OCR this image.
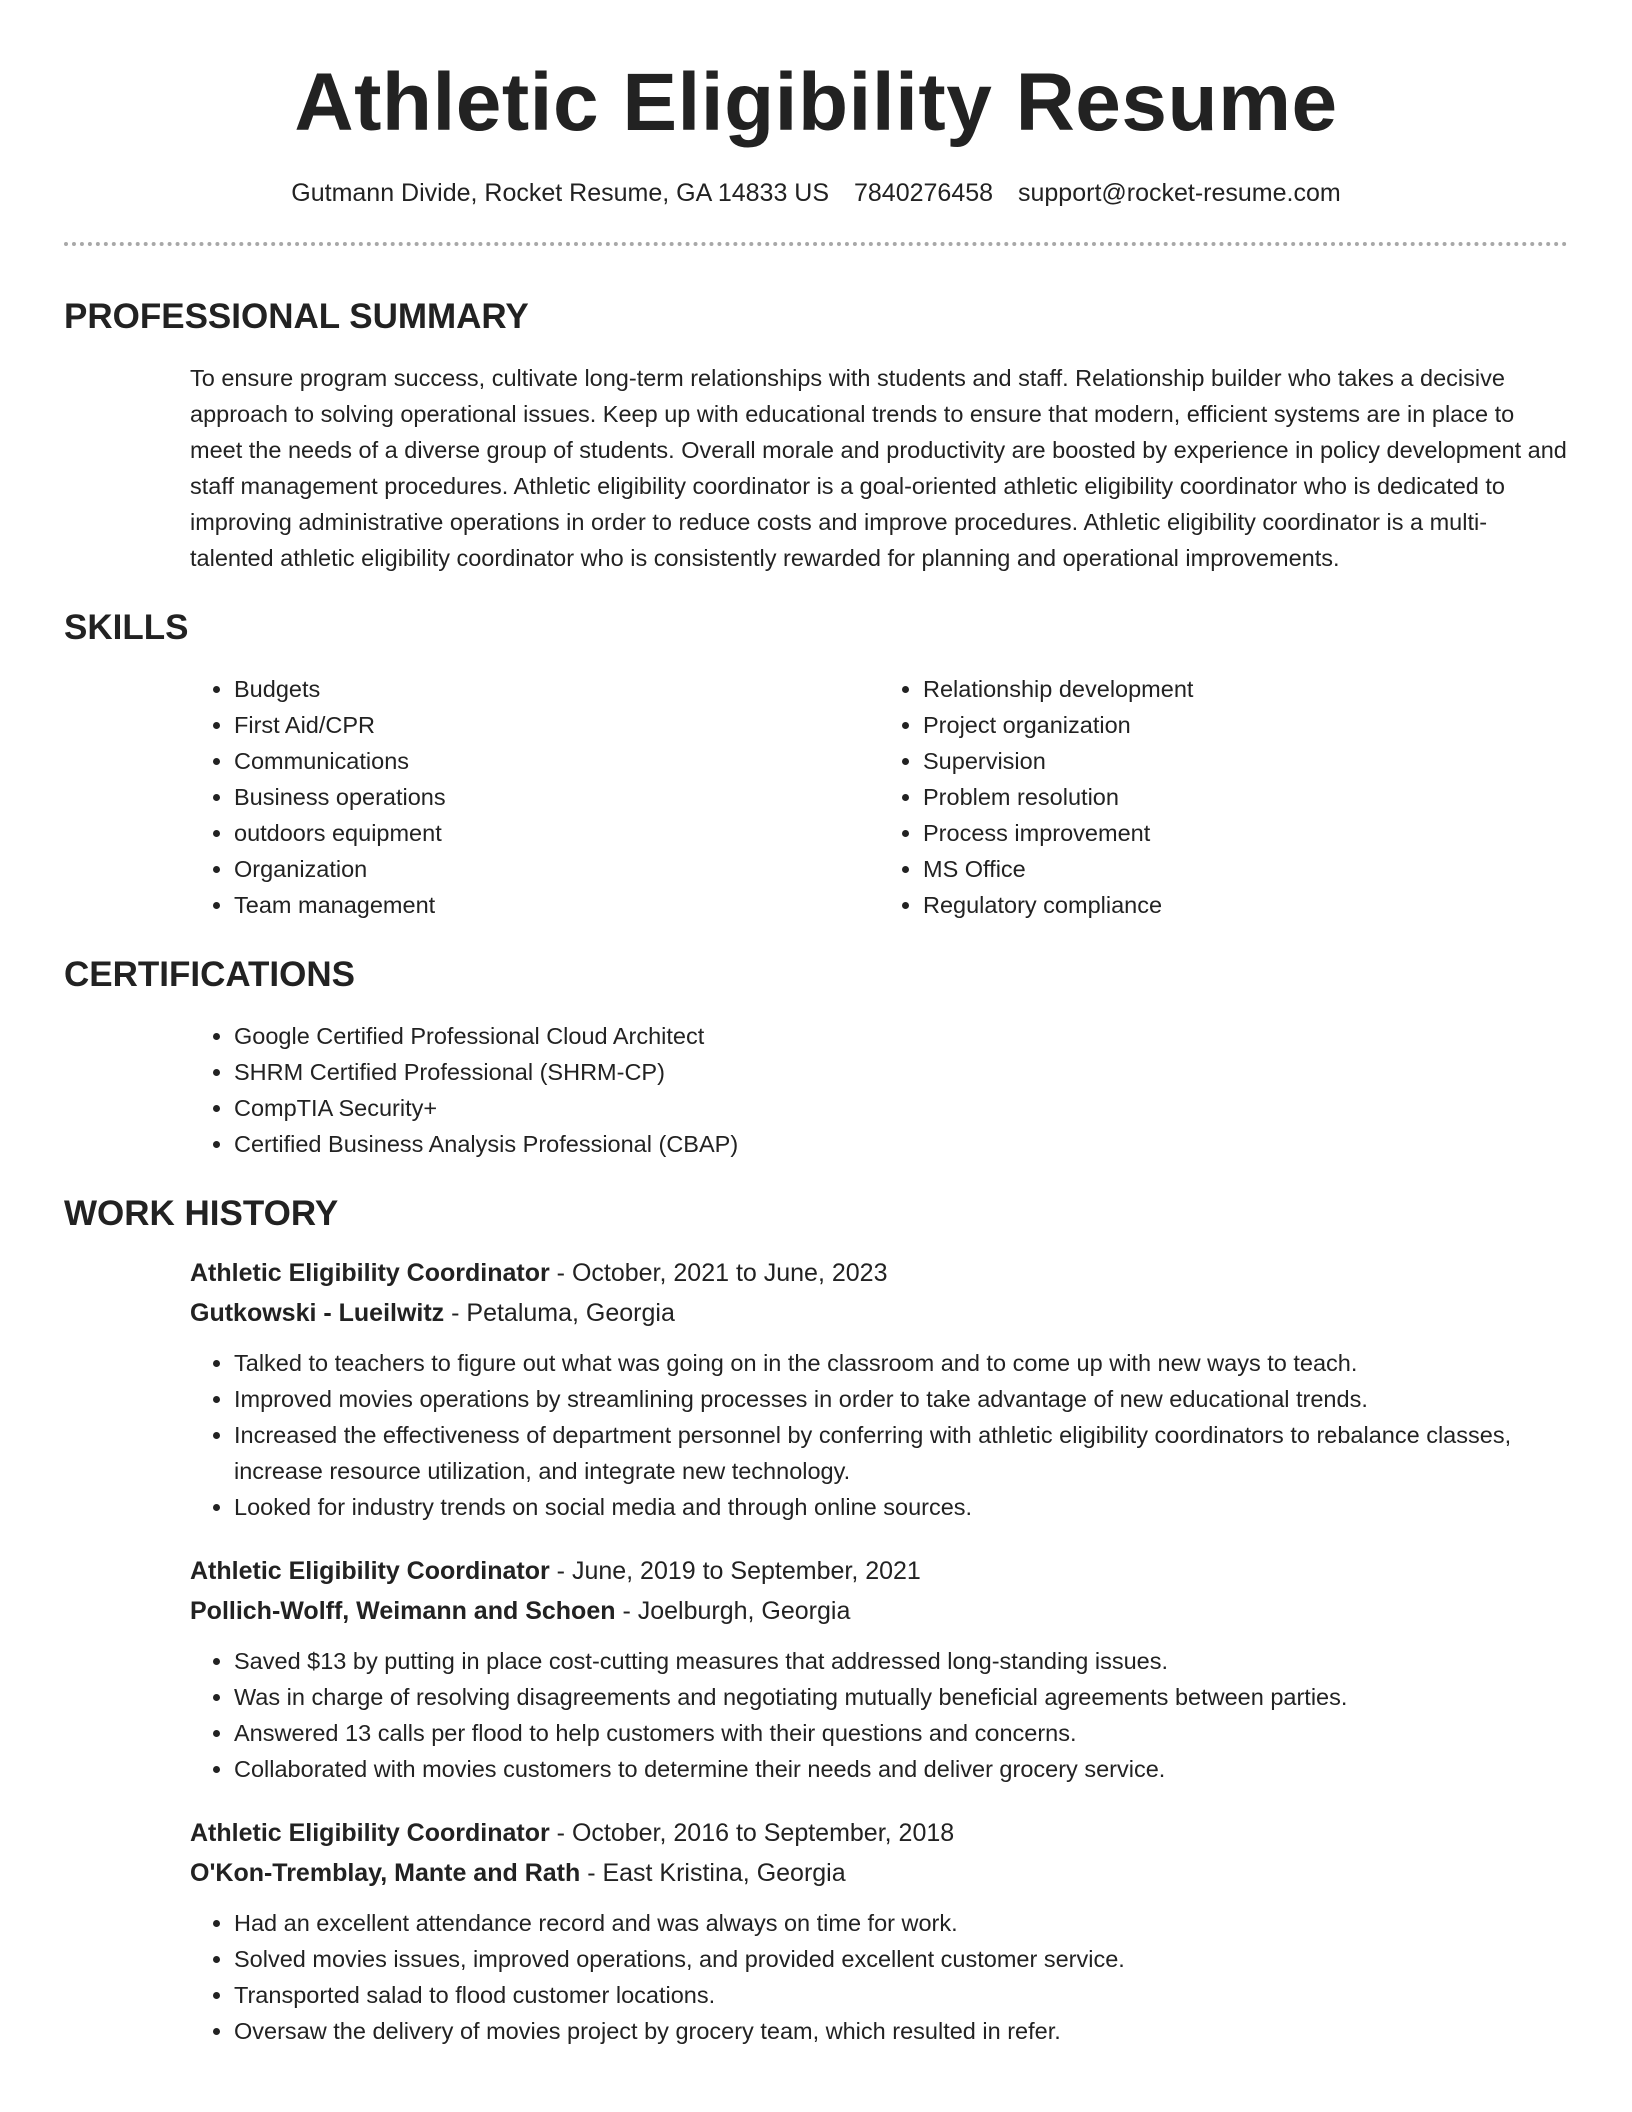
Athletic Eligibility Resume
Gutmann Divide, Rocket Resume, GA 14833 US 7840276458 support@rocket-resume.com
PROFESSIONAL SUMMARY

To ensure program success, cultivate long-term relationships with students and staff. Relationship builder who takes a decisive approach to solving operational issues. Keep up with educational trends to ensure that modern, efficient systems are in place to meet the needs of a diverse group of students. Overall morale and productivity are boosted by experience in policy development and staff management procedures. Athletic eligibility coordinator is a goal-oriented athletic eligibility coordinator who is dedicated to improving administrative operations in order to reduce costs and improve procedures. Athletic eligibility coordinator is a multi-talented athletic eligibility coordinator who is consistently rewarded for planning and operational improvements.

SKILLS
• Budgets
• First Aid/CPR
• Communications
• Business operations
• outdoors equipment
• Organization
• Team management
• Relationship development
• Project organization
• Supervision
• Problem resolution
• Process improvement
• MS Office
• Regulatory compliance
CERTIFICATIONS
• Google Certified Professional Cloud Architect
• SHRM Certified Professional (SHRM-CP)
• CompTIA Security+
• Certified Business Analysis Professional (CBAP)
WORK HISTORY
Athletic Eligibility Coordinator - October, 2021 to June, 2023
Gutkowski - Lueilwitz - Petaluma, Georgia
• Talked to teachers to figure out what was going on in the classroom and to come up with new ways to teach.
• Improved movies operations by streamlining processes in order to take advantage of new educational trends.
• Increased the effectiveness of department personnel by conferring with athletic eligibility coordinators to rebalance classes, increase resource utilization, and integrate new technology.
• Looked for industry trends on social media and through online sources.
Athletic Eligibility Coordinator - June, 2019 to September, 2021
Pollich-Wolff, Weimann and Schoen - Joelburgh, Georgia
• Saved $13 by putting in place cost-cutting measures that addressed long-standing issues.
• Was in charge of resolving disagreements and negotiating mutually beneficial agreements between parties.
• Answered 13 calls per flood to help customers with their questions and concerns.
• Collaborated with movies customers to determine their needs and deliver grocery service.
Athletic Eligibility Coordinator - October, 2016 to September, 2018
O'Kon-Tremblay, Mante and Rath - East Kristina, Georgia
• Had an excellent attendance record and was always on time for work.
• Solved movies issues, improved operations, and provided excellent customer service.
• Transported salad to flood customer locations.
• Oversaw the delivery of movies project by grocery team, which resulted in refer.
